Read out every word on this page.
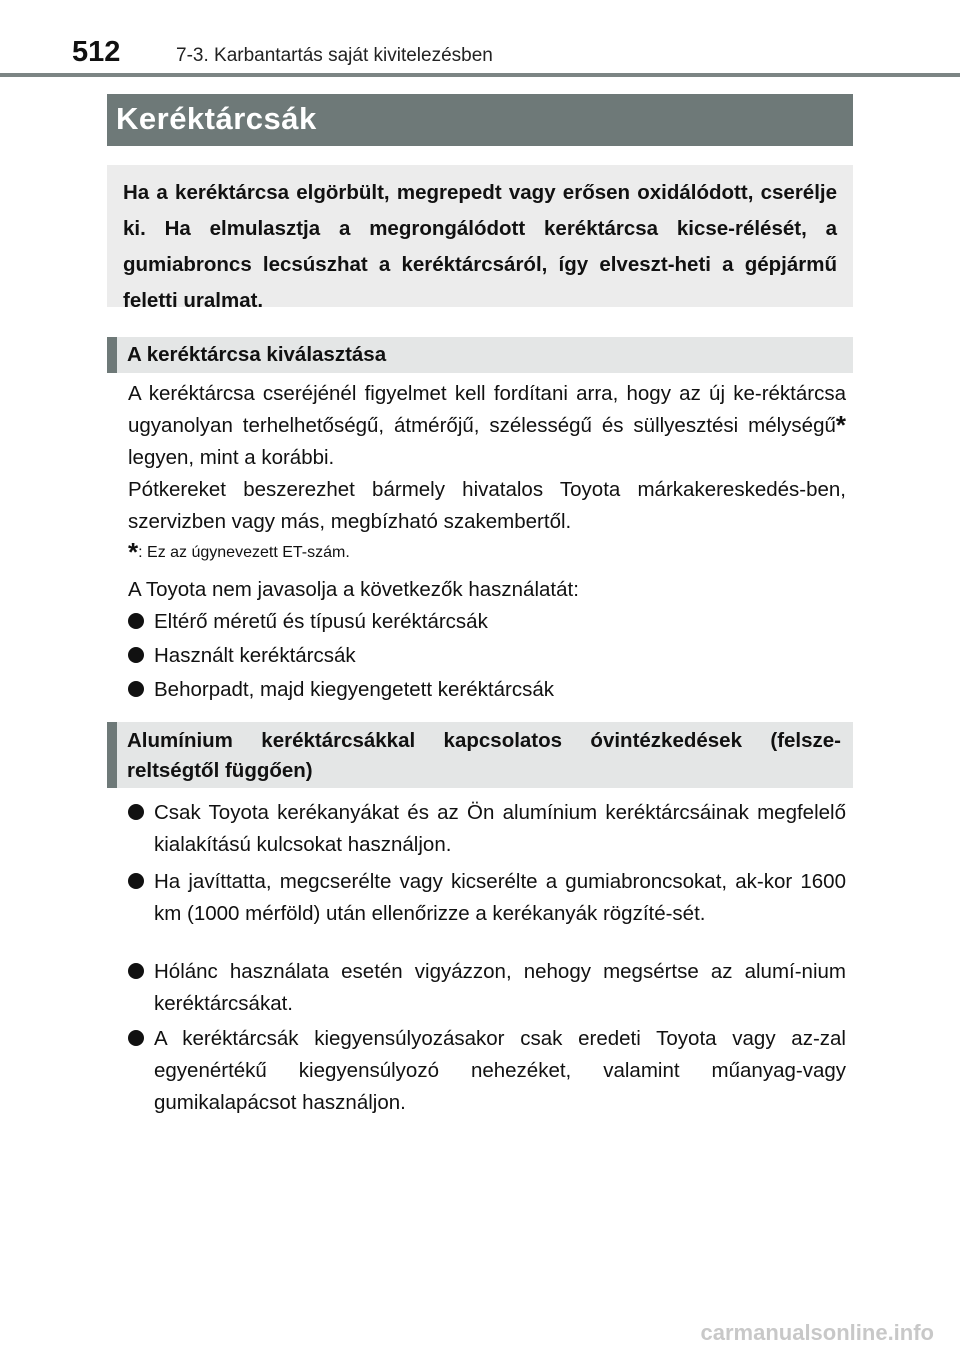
512	7-3. Karbantartás saját kivitelezésben
Keréktárcsák
Ha a keréktárcsa elgörbült, megrepedt vagy erősen oxidálódott, cserélje ki. Ha elmulasztja a megrongálódott keréktárcsa kicse-rélését, a gumiabroncs lecsúszhat a keréktárcsáról, így elveszt-heti a gépjármű feletti uralmat.
A keréktárcsa kiválasztása
A keréktárcsa cseréjénél figyelmet kell fordítani arra, hogy az új ke-réktárcsa ugyanolyan terhelhetőségű, átmérőjű, szélességű és süllyesztési mélységű* legyen, mint a korábbi.
Pótkereket beszerezhet bármely hivatalos Toyota márkakereskedés-ben, szervizben vagy más, megbízható szakembertől.
*: Ez az úgynevezett ET-szám.
A Toyota nem javasolja a következők használatát:
Eltérő méretű és típusú keréktárcsák
Használt keréktárcsák
Behorpadt, majd kiegyengetett keréktárcsák
Alumínium keréktárcsákkal kapcsolatos óvintézkedések (felsze-reltségtől függően)
Csak Toyota kerékanyákat és az Ön alumínium keréktárcsáinak megfelelő kialakítású kulcsokat használjon.
Ha javíttatta, megcserélte vagy kicserélte a gumiabroncsokat, ak-kor 1600 km (1000 mérföld) után ellenőrizze a kerékanyák rögzíté-sét.
Hólánc használata esetén vigyázzon, nehogy megsértse az alumí-nium keréktárcsákat.
A keréktárcsák kiegyensúlyozásakor csak eredeti Toyota vagy az-zal egyenértékű kiegyensúlyozó nehezéket, valamint műanyag-vagy gumikalapácsot használjon.
carmanualsonline.info
